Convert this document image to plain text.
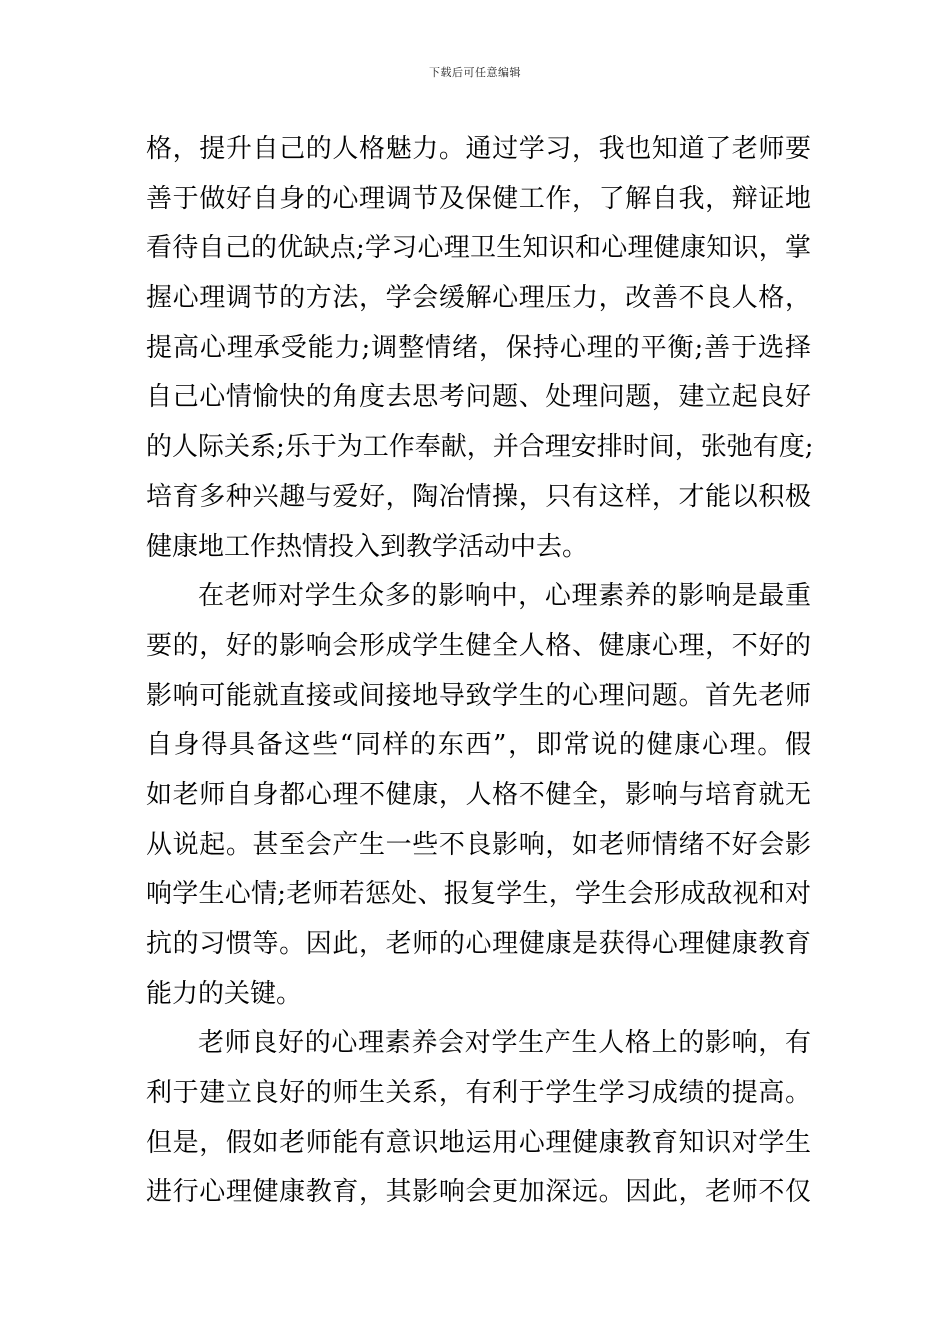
下载后可任意编辑
格，提升自己的人格魅力。通过学习，我也知道了老师要
善于做好自身的心理调节及保健工作，了解自我，辩证地
看待自己的优缺点;学习心理卫生知识和心理健康知识，掌
握心理调节的方法，学会缓解心理压力，改善不良人格，
提高心理承受能力;调整情绪，保持心理的平衡;善于选择
自己心情愉快的角度去思考问题、处理问题，建立起良好
的人际关系;乐于为工作奉献，并合理安排时间，张弛有度;
培育多种兴趣与爱好，陶冶情操，只有这样，才能以积极
健康地工作热情投入到教学活动中去。
在老师对学生众多的影响中，心理素养的影响是最重
要的，好的影响会形成学生健全人格、健康心理，不好的
影响可能就直接或间接地导致学生的心理问题。首先老师
自身得具备这些“同样的东西”，即常说的健康心理。假
如老师自身都心理不健康，人格不健全，影响与培育就无
从说起。甚至会产生一些不良影响，如老师情绪不好会影
响学生心情;老师若惩处、报复学生，学生会形成敌视和对
抗的习惯等。因此，老师的心理健康是获得心理健康教育
能力的关键。
老师良好的心理素养会对学生产生人格上的影响，有
利于建立良好的师生关系，有利于学生学习成绩的提高。
但是，假如老师能有意识地运用心理健康教育知识对学生
进行心理健康教育，其影响会更加深远。因此，老师不仅
